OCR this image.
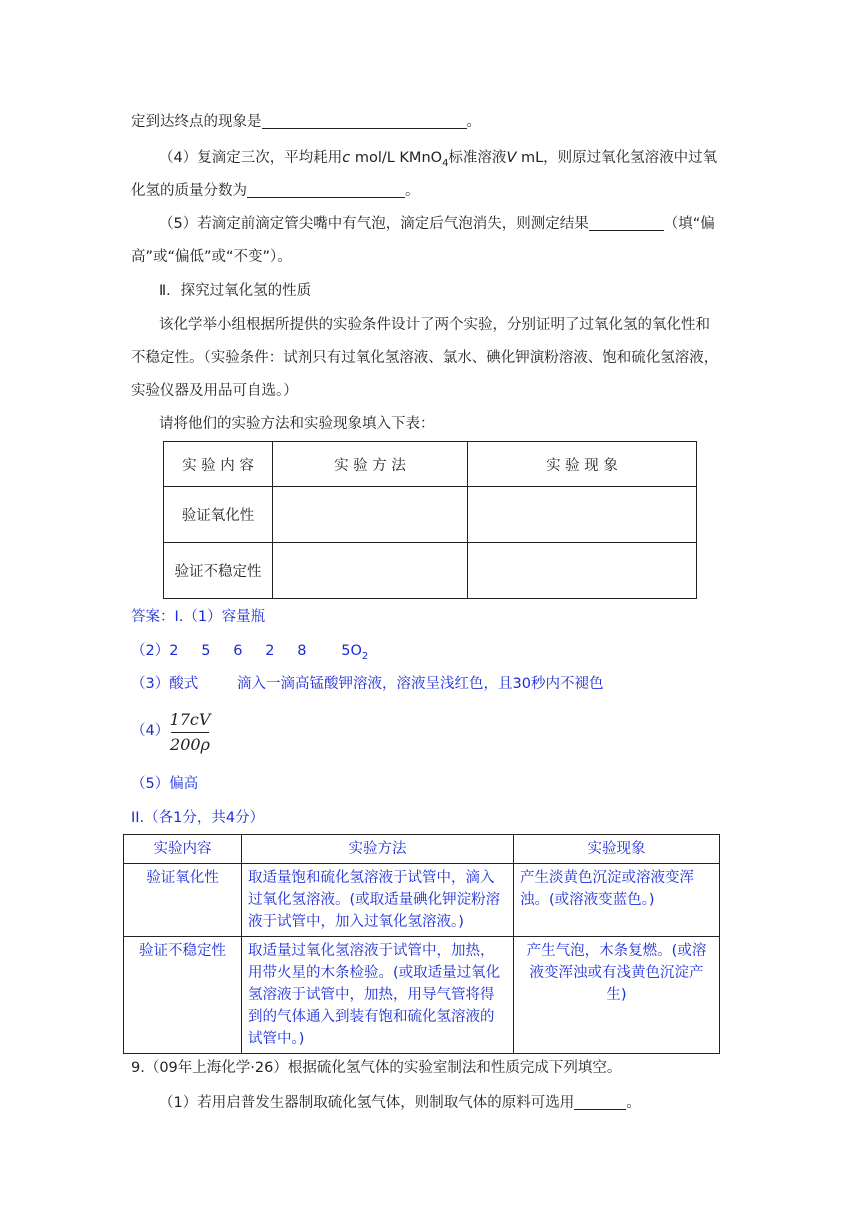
定到达终点的现象是	。
（4）复滴定三次，平均耗用c mol/L KMnO$_4$标准溶液V mL，则原过氧化氢溶液中过氧
化氢的质量分数为	。
（5）若滴定前滴定管尖嘴中有气泡，滴定后气泡消失，则测定结果	（填“偏
高”或“偏低”或“不变”）。
Ⅱ．探究过氧化氢的性质
该化学举小组根据所提供的实验条件设计了两个实验，分别证明了过氧化氢的氧化性和
不稳定性。（实验条件：试剂只有过氧化氢溶液、氯水、碘化钾演粉溶液、饱和硫化氢溶液，
实验仪器及用品可自选。）
请将他们的实验方法和实验现象填入下表：
实 验 内 容	实 验 方 法	实 验 现 象
验证氧化性		
验证不稳定性		
答案：I.（1）容量瓶
（2）2 5 6 2 8 $5O_2$
（3）酸式	滴入一滴高锰酸钾溶液，溶液呈浅红色，且30秒内不褪色
（4）
17cV
200ρ
（5）偏高
II.（各1分，共4分）
实验内容	实验方法	实验现象
验证氧化性	取适量饱和硫化氢溶液于试管中，滴入过氧化氢溶液。(或取适量碘化钾淀粉溶液于试管中，加入过氧化氢溶液。)	产生淡黄色沉淀或溶液变浑浊。(或溶液变蓝色。)
验证不稳定性	取适量过氧化氢溶液于试管中，加热，用带火星的木条检验。(或取适量过氧化氢溶液于试管中，加热，用导气管将得到的气体通入到装有饱和硫化氢溶液的试管中。)	产生气泡，木条复燃。(或溶液变浑浊或有浅黄色沉淀产生)
9.（09年上海化学·26）根据硫化氢气体的实验室制法和性质完成下列填空。
（1）若用启普发生器制取硫化氢气体，则制取气体的原料可选用	。
